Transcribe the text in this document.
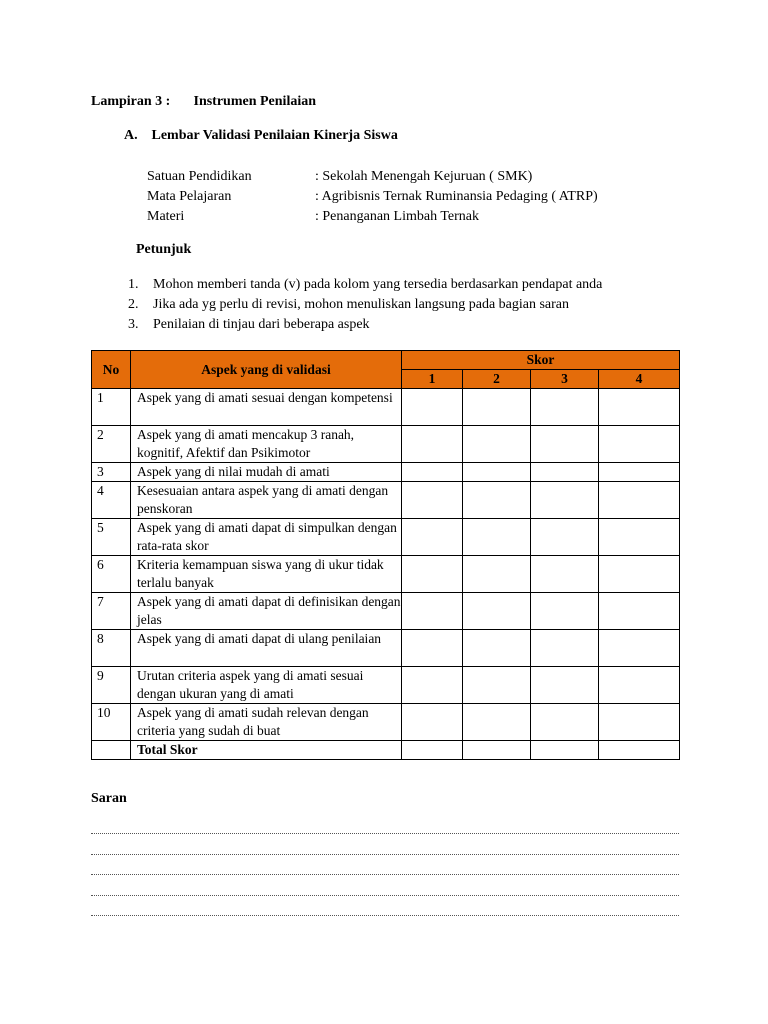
Lampiran 3 : Instrumen Penilaian
A. Lembar Validasi Penilaian Kinerja Siswa
Satuan Pendidikan	: Sekolah Menengah Kejuruan ( SMK)
Mata Pelajaran	: Agribisnis Ternak Ruminansia Pedaging ( ATRP)
Materi	: Penanganan Limbah Ternak
Petunjuk
1. Mohon memberi tanda (v) pada kolom yang tersedia berdasarkan pendapat anda
2. Jika ada yg perlu di revisi, mohon menuliskan langsung pada bagian saran
3. Penilaian di tinjau dari beberapa aspek
No	Aspek yang di validasi	Skor			
		1	2	3	4
1	Aspek yang di amati sesuai dengan kompetensi				
2	Aspek yang di amati mencakup 3 ranah, kognitif, Afektif dan Psikimotor				
3	Aspek yang di nilai mudah di amati				
4	Kesesuaian antara aspek yang di amati dengan penskoran				
5	Aspek yang di amati dapat di simpulkan dengan rata-rata skor				
6	Kriteria kemampuan siswa yang di ukur tidak terlalu banyak				
7	Aspek yang di amati dapat di definisikan dengan jelas				
8	Aspek yang di amati dapat di ulang penilaian				
9	Urutan criteria aspek yang di amati sesuai dengan ukuran yang di amati				
10	Aspek yang di amati sudah relevan dengan criteria yang sudah di buat				
	Total Skor				
Saran
